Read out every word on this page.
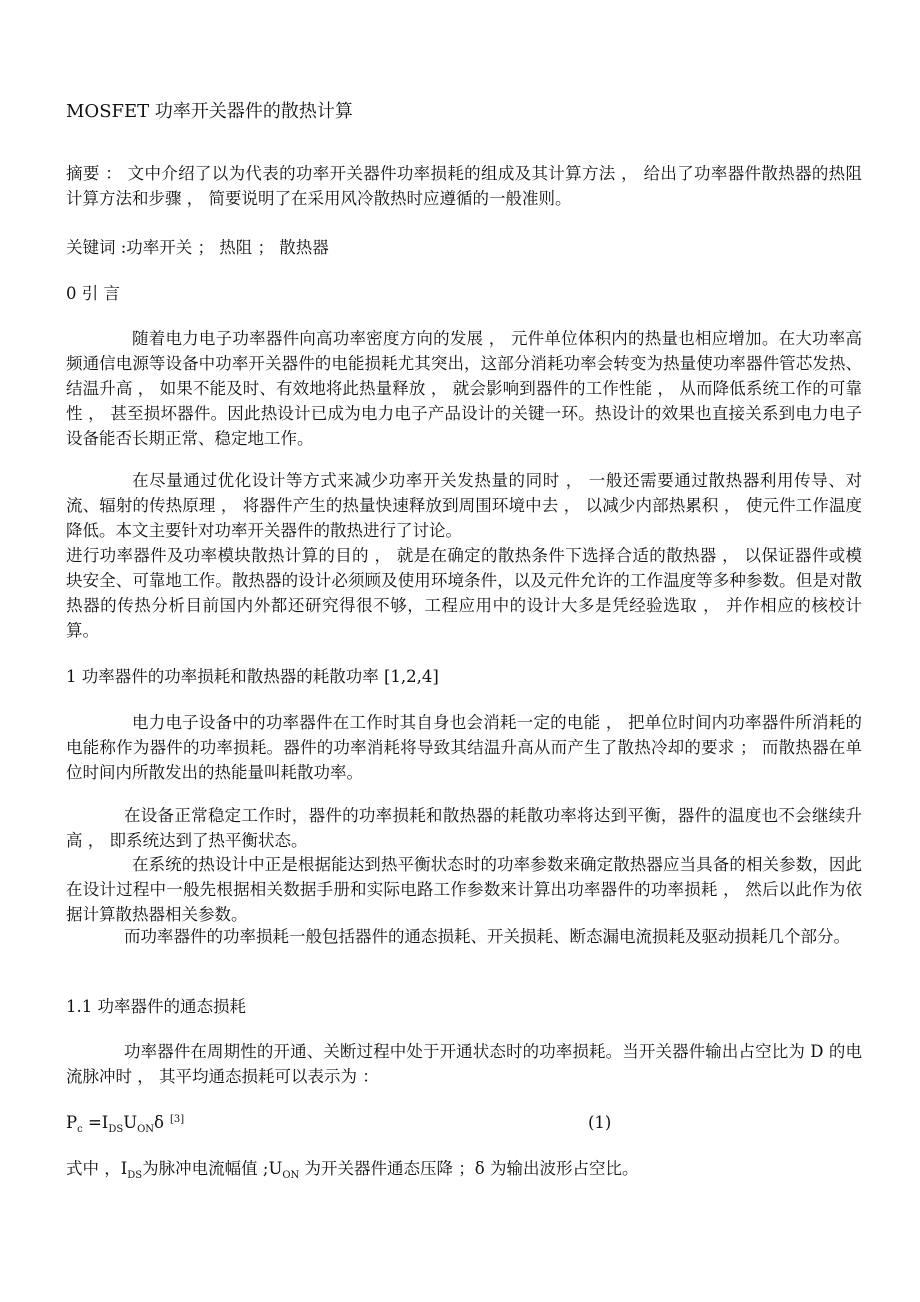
MOSFET 功率开关器件的散热计算

摘要 ： 文中介绍了以为代表的功率开关器件功率损耗的组成及其计算方法 ， 给出了功率器件散热器的热阻计算方法和步骤 ， 简要说明了在采用风冷散热时应遵循的一般准则。

关键词 :功率开关 ； 热阻 ； 散热器

0 引 言

随着电力电子功率器件向高功率密度方向的发展 ， 元件单位体积内的热量也相应增加。在大功率高频通信电源等设备中功率开关器件的电能损耗尤其突出，这部分消耗功率会转变为热量使功率器件管芯发热、结温升高 ， 如果不能及时、有效地将此热量释放 ， 就会影响到器件的工作性能 ， 从而降低系统工作的可靠性 ， 甚至损坏器件。因此热设计已成为电力电子产品设计的关键一环。热设计的效果也直接关系到电力电子设备能否长期正常、稳定地工作。

在尽量通过优化设计等方式来减少功率开关发热量的同时 ， 一般还需要通过散热器利用传导、对流、辐射的传热原理 ， 将器件产生的热量快速释放到周围环境中去 ， 以减少内部热累积 ， 使元件工作温度降低。本文主要针对功率开关器件的散热进行了讨论。

进行功率器件及功率模块散热计算的目的 ， 就是在确定的散热条件下选择合适的散热器 ， 以保证器件或模块安全、可靠地工作。散热器的设计必须顾及使用环境条件，以及元件允许的工作温度等多种参数。但是对散热器的传热分析目前国内外都还研究得很不够，工程应用中的设计大多是凭经验选取 ， 并作相应的核校计算。

1 功率器件的功率损耗和散热器的耗散功率 [1,2,4]

电力电子设备中的功率器件在工作时其自身也会消耗一定的电能 ， 把单位时间内功率器件所消耗的电能称作为器件的功率损耗。器件的功率消耗将导致其结温升高从而产生了散热冷却的要求 ； 而散热器在单位时间内所散发出的热能量叫耗散功率。

在设备正常稳定工作时，器件的功率损耗和散热器的耗散功率将达到平衡，器件的温度也不会继续升高 ， 即系统达到了热平衡状态。

在系统的热设计中正是根据能达到热平衡状态时的功率参数来确定散热器应当具备的相关参数，因此在设计过程中一般先根据相关数据手册和实际电路工作参数来计算出功率器件的功率损耗 ， 然后以此作为依据计算散热器相关参数。

而功率器件的功率损耗一般包括器件的通态损耗、开关损耗、断态漏电流损耗及驱动损耗几个部分。

1.1 功率器件的通态损耗

功率器件在周期性的开通、关断过程中处于开通状态时的功率损耗。当开关器件输出占空比为 D 的电流脉冲时 ， 其平均通态损耗可以表示为 ：

$P_c =I_{DS}U_{ON}\delta$ [3]	(1)
式中 ，$I_{DS}$为脉冲电流幅值 $;U_{ON}$ 为开关器件通态压降 ；δ 为输出波形占空比。
